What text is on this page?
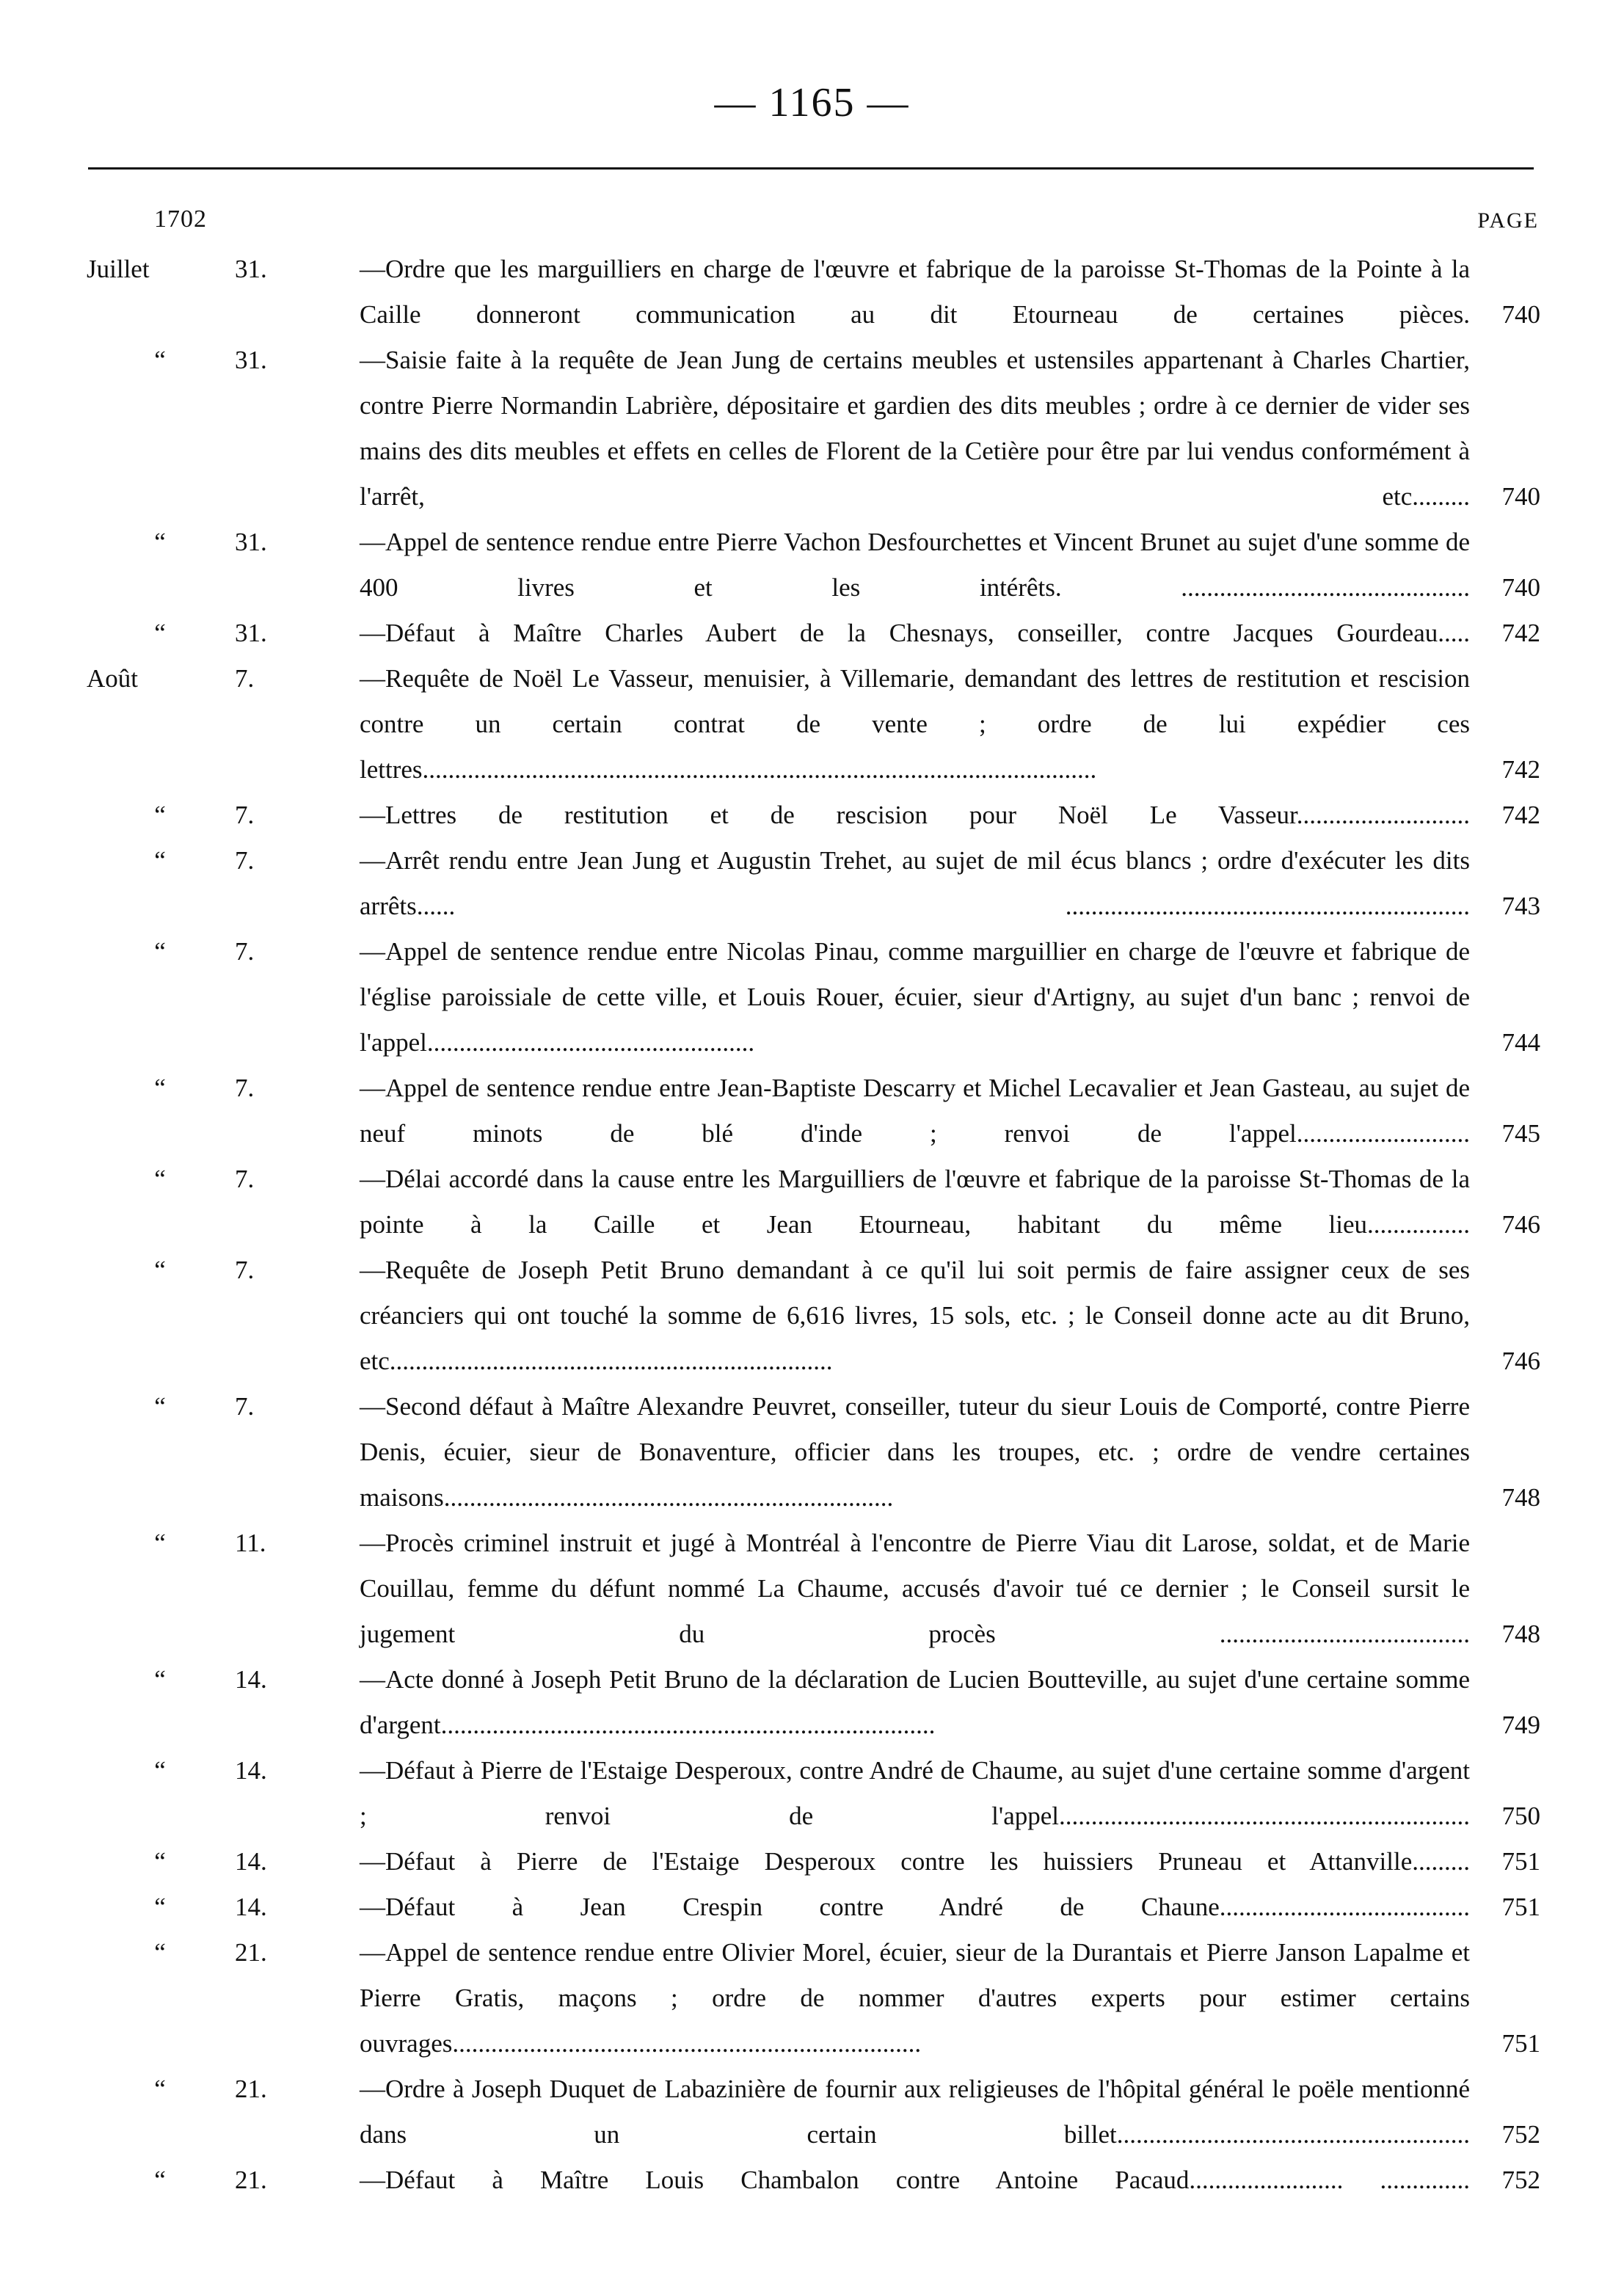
— 1165 —
1702	PAGE
Juillet	31.	—Ordre que les marguilliers en charge de l'œuvre et fabrique de la paroisse St-Thomas de la Pointe à la Caille donneront communication au dit Etourneau de certaines pièces.	740
“	31.	—Saisie faite à la requête de Jean Jung de certains meubles et ustensiles appartenant à Charles Chartier, contre Pierre Normandin Labrière, dépositaire et gardien des dits meubles ; ordre à ce dernier de vider ses mains des dits meubles et effets en celles de Florent de la Cetière pour être par lui vendus conformément à l'arrêt, etc.........	740
“	31.	—Appel de sentence rendue entre Pierre Vachon Desfourchettes et Vincent Brunet au sujet d'une somme de 400 livres et les intérêts. .............................................	740
“	31.	—Défaut à Maître Charles Aubert de la Chesnays, conseiller, contre Jacques Gourdeau.....	742
Août	7.	—Requête de Noël Le Vasseur, menuisier, à Villemarie, demandant des lettres de restitution et rescision contre un certain contrat de vente ; ordre de lui expédier ces lettres.........................................................................................................	742
“	7.	—Lettres de restitution et de rescision pour Noël Le Vasseur...........................	742
“	7.	—Arrêt rendu entre Jean Jung et Augustin Trehet, au sujet de mil écus blancs ; ordre d'exécuter les dits arrêts...... ...............................................................	743
“	7.	—Appel de sentence rendue entre Nicolas Pinau, comme marguillier en charge de l'œuvre et fabrique de l'église paroissiale de cette ville, et Louis Rouer, écuier, sieur d'Artigny, au sujet d'un banc ; renvoi de l'appel...................................................	744
“	7.	—Appel de sentence rendue entre Jean-Baptiste Descarry et Michel Lecavalier et Jean Gasteau, au sujet de neuf minots de blé d'inde ; renvoi de l'appel...........................	745
“	7.	—Délai accordé dans la cause entre les Marguilliers de l'œuvre et fabrique de la paroisse St-Thomas de la pointe à la Caille et Jean Etourneau, habitant du même lieu................	746
“	7.	—Requête de Joseph Petit Bruno demandant à ce qu'il lui soit permis de faire assigner ceux de ses créanciers qui ont touché la somme de 6,616 livres, 15 sols, etc. ; le Conseil donne acte au dit Bruno, etc.....................................................................	746
“	7.	—Second défaut à Maître Alexandre Peuvret, conseiller, tuteur du sieur Louis de Comporté, contre Pierre Denis, écuier, sieur de Bonaventure, officier dans les troupes, etc. ; ordre de vendre certaines maisons......................................................................	748
“	11.	—Procès criminel instruit et jugé à Montréal à l'encontre de Pierre Viau dit Larose, soldat, et de Marie Couillau, femme du défunt nommé La Chaume, accusés d'avoir tué ce dernier ; le Conseil sursit le jugement du procès .......................................	748
“	14.	—Acte donné à Joseph Petit Bruno de la déclaration de Lucien Boutteville, au sujet d'une certaine somme d'argent.............................................................................	749
“	14.	—Défaut à Pierre de l'Estaige Desperoux, contre André de Chaume, au sujet d'une certaine somme d'argent ; renvoi de l'appel................................................................	750
“	14.	—Défaut à Pierre de l'Estaige Desperoux contre les huissiers Pruneau et Attanville.........	751
“	14.	—Défaut à Jean Crespin contre André de Chaune.......................................	751
“	21.	—Appel de sentence rendue entre Olivier Morel, écuier, sieur de la Durantais et Pierre Janson Lapalme et Pierre Gratis, maçons ; ordre de nommer d'autres experts pour estimer certains ouvrages.........................................................................	751
“	21.	—Ordre à Joseph Duquet de Labazinière de fournir aux religieuses de l'hôpital général le poële mentionné dans un certain billet.......................................................	752
“	21.	—Défaut à Maître Louis Chambalon contre Antoine Pacaud........................ ..............	752
